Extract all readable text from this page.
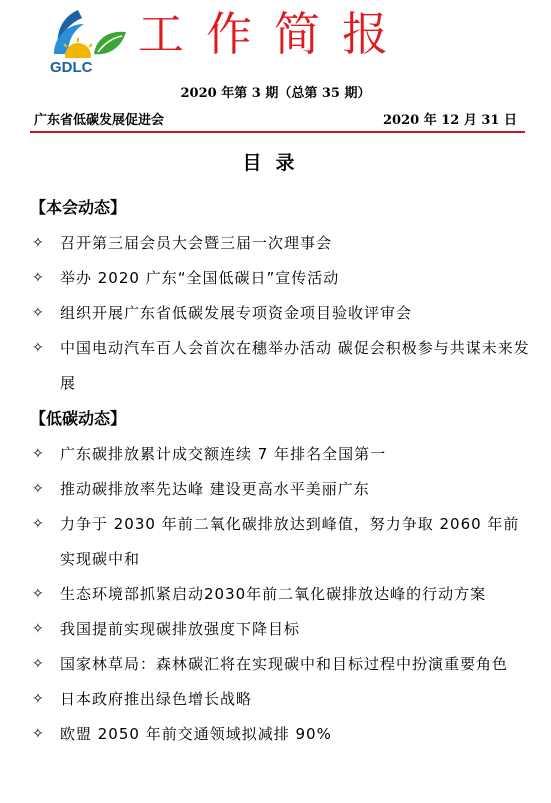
GDLC
工作简报
2020 年第 3 期（总第 35 期）
广东省低碳发展促进会	2020 年 12 月 31 日
目录
【本会动态】
✧ 召开第三届会员大会暨三届一次理事会
✧ 举办 2020 广东“全国低碳日”宣传活动
✧ 组织开展广东省低碳发展专项资金项目验收评审会
✧ 中国电动汽车百人会首次在穗举办活动 碳促会积极参与共谋未来发展
【低碳动态】
✧ 广东碳排放累计成交额连续 7 年排名全国第一
✧ 推动碳排放率先达峰 建设更高水平美丽广东
✧ 力争于 2030 年前二氧化碳排放达到峰值，努力争取 2060 年前实现碳中和
✧ 生态环境部抓紧启动2030年前二氧化碳排放达峰的行动方案
✧ 我国提前实现碳排放强度下降目标
✧ 国家林草局：森林碳汇将在实现碳中和目标过程中扮演重要角色
✧ 日本政府推出绿色增长战略
✧ 欧盟 2050 年前交通领域拟减排 90%
